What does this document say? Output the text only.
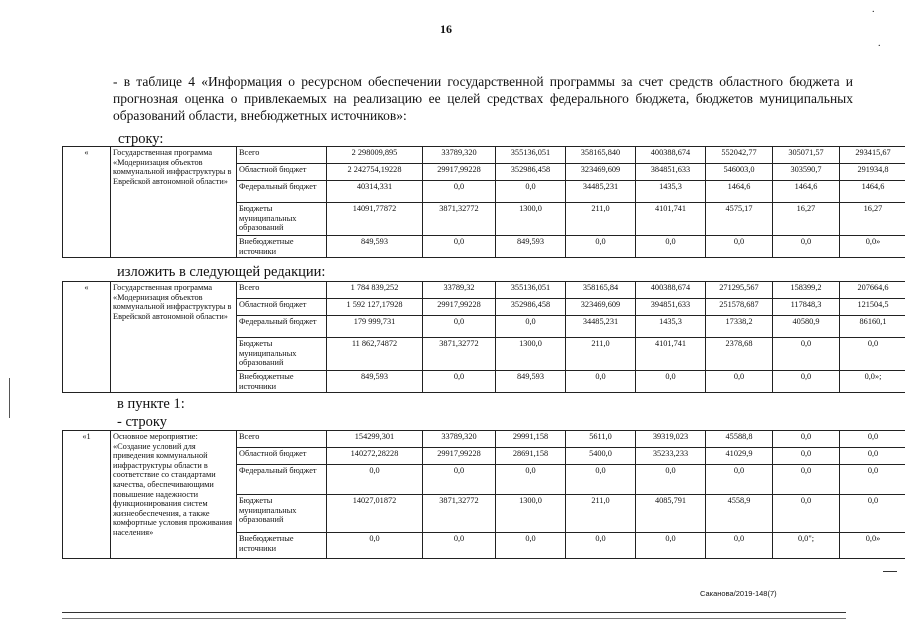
16
.
.
- в таблице 4 «Информация о ресурсном обеспечении государственной программы за счет средств областного бюджета и прогнозная оценка о привлекаемых на реализацию ее целей средствах федерального бюджета, бюджетов муниципальных образований области, внебюджетных источников»:
строку:
изложить в следующей редакции:
в пункте 1:
- строку
«	Государственная программа «Модернизация объектов коммунальной инфраструктуры в Еврейской автономной области»	Всего	2 298009,895	33789,320	355136,051	358165,840	400388,674	552042,77	305071,57	293415,67
		Областной бюджет	2 242754,19228	29917,99228	352986,458	323469,609	384851,633	546003,0	303590,7	291934,8
		Федеральный бюджет	40314,331	0,0	0,0	34485,231	1435,3	1464,6	1464,6	1464,6
		Бюджеты муниципальных образований	14091,77872	3871,32772	1300,0	211,0	4101,741	4575,17	16,27	16,27
		Внебюджетные источники	849,593	0,0	849,593	0,0	0,0	0,0	0,0	0,0»
«	Государственная программа «Модернизация объектов коммунальной инфраструктуры в Еврейской автономной области»	Всего	1 784 839,252	33789,32	355136,051	358165,84	400388,674	271295,567	158399,2	207664,6
		Областной бюджет	1 592 127,17928	29917,99228	352986,458	323469,609	394851,633	251578,687	117848,3	121504,5
		Федеральный бюджет	179 999,731	0,0	0,0	34485,231	1435,3	17338,2	40580,9	86160,1
		Бюджеты муниципальных образований	11 862,74872	3871,32772	1300,0	211,0	4101,741	2378,68	0,0	0,0
		Внебюджетные источники	849,593	0,0	849,593	0,0	0,0	0,0	0,0	0,0»;
«1	Основное мероприятие: «Создание условий для приведения коммунальной инфраструктуры области в соответствие со стандартами качества, обеспечивающими повышение надежности функционирования систем жизнеобеспечения, а также комфортные условия проживания населения»	Всего	154299,301	33789,320	29991,158	5611,0	39319,023	45588,8	0,0	0,0
		Областной бюджет	140272,28228	29917,99228	28691,158	5400,0	35233,233	41029,9	0,0	0,0
		Федеральный бюджет	0,0	0,0	0,0	0,0	0,0	0,0	0,0	0,0
		Бюджеты муниципальных образований	14027,01872	3871,32772	1300,0	211,0	4085,791	4558,9	0,0	0,0
		Внебюджетные источники	0,0	0,0	0,0	0,0	0,0	0,0	0,0";	0,0»
Саканова/2019-148(7)
